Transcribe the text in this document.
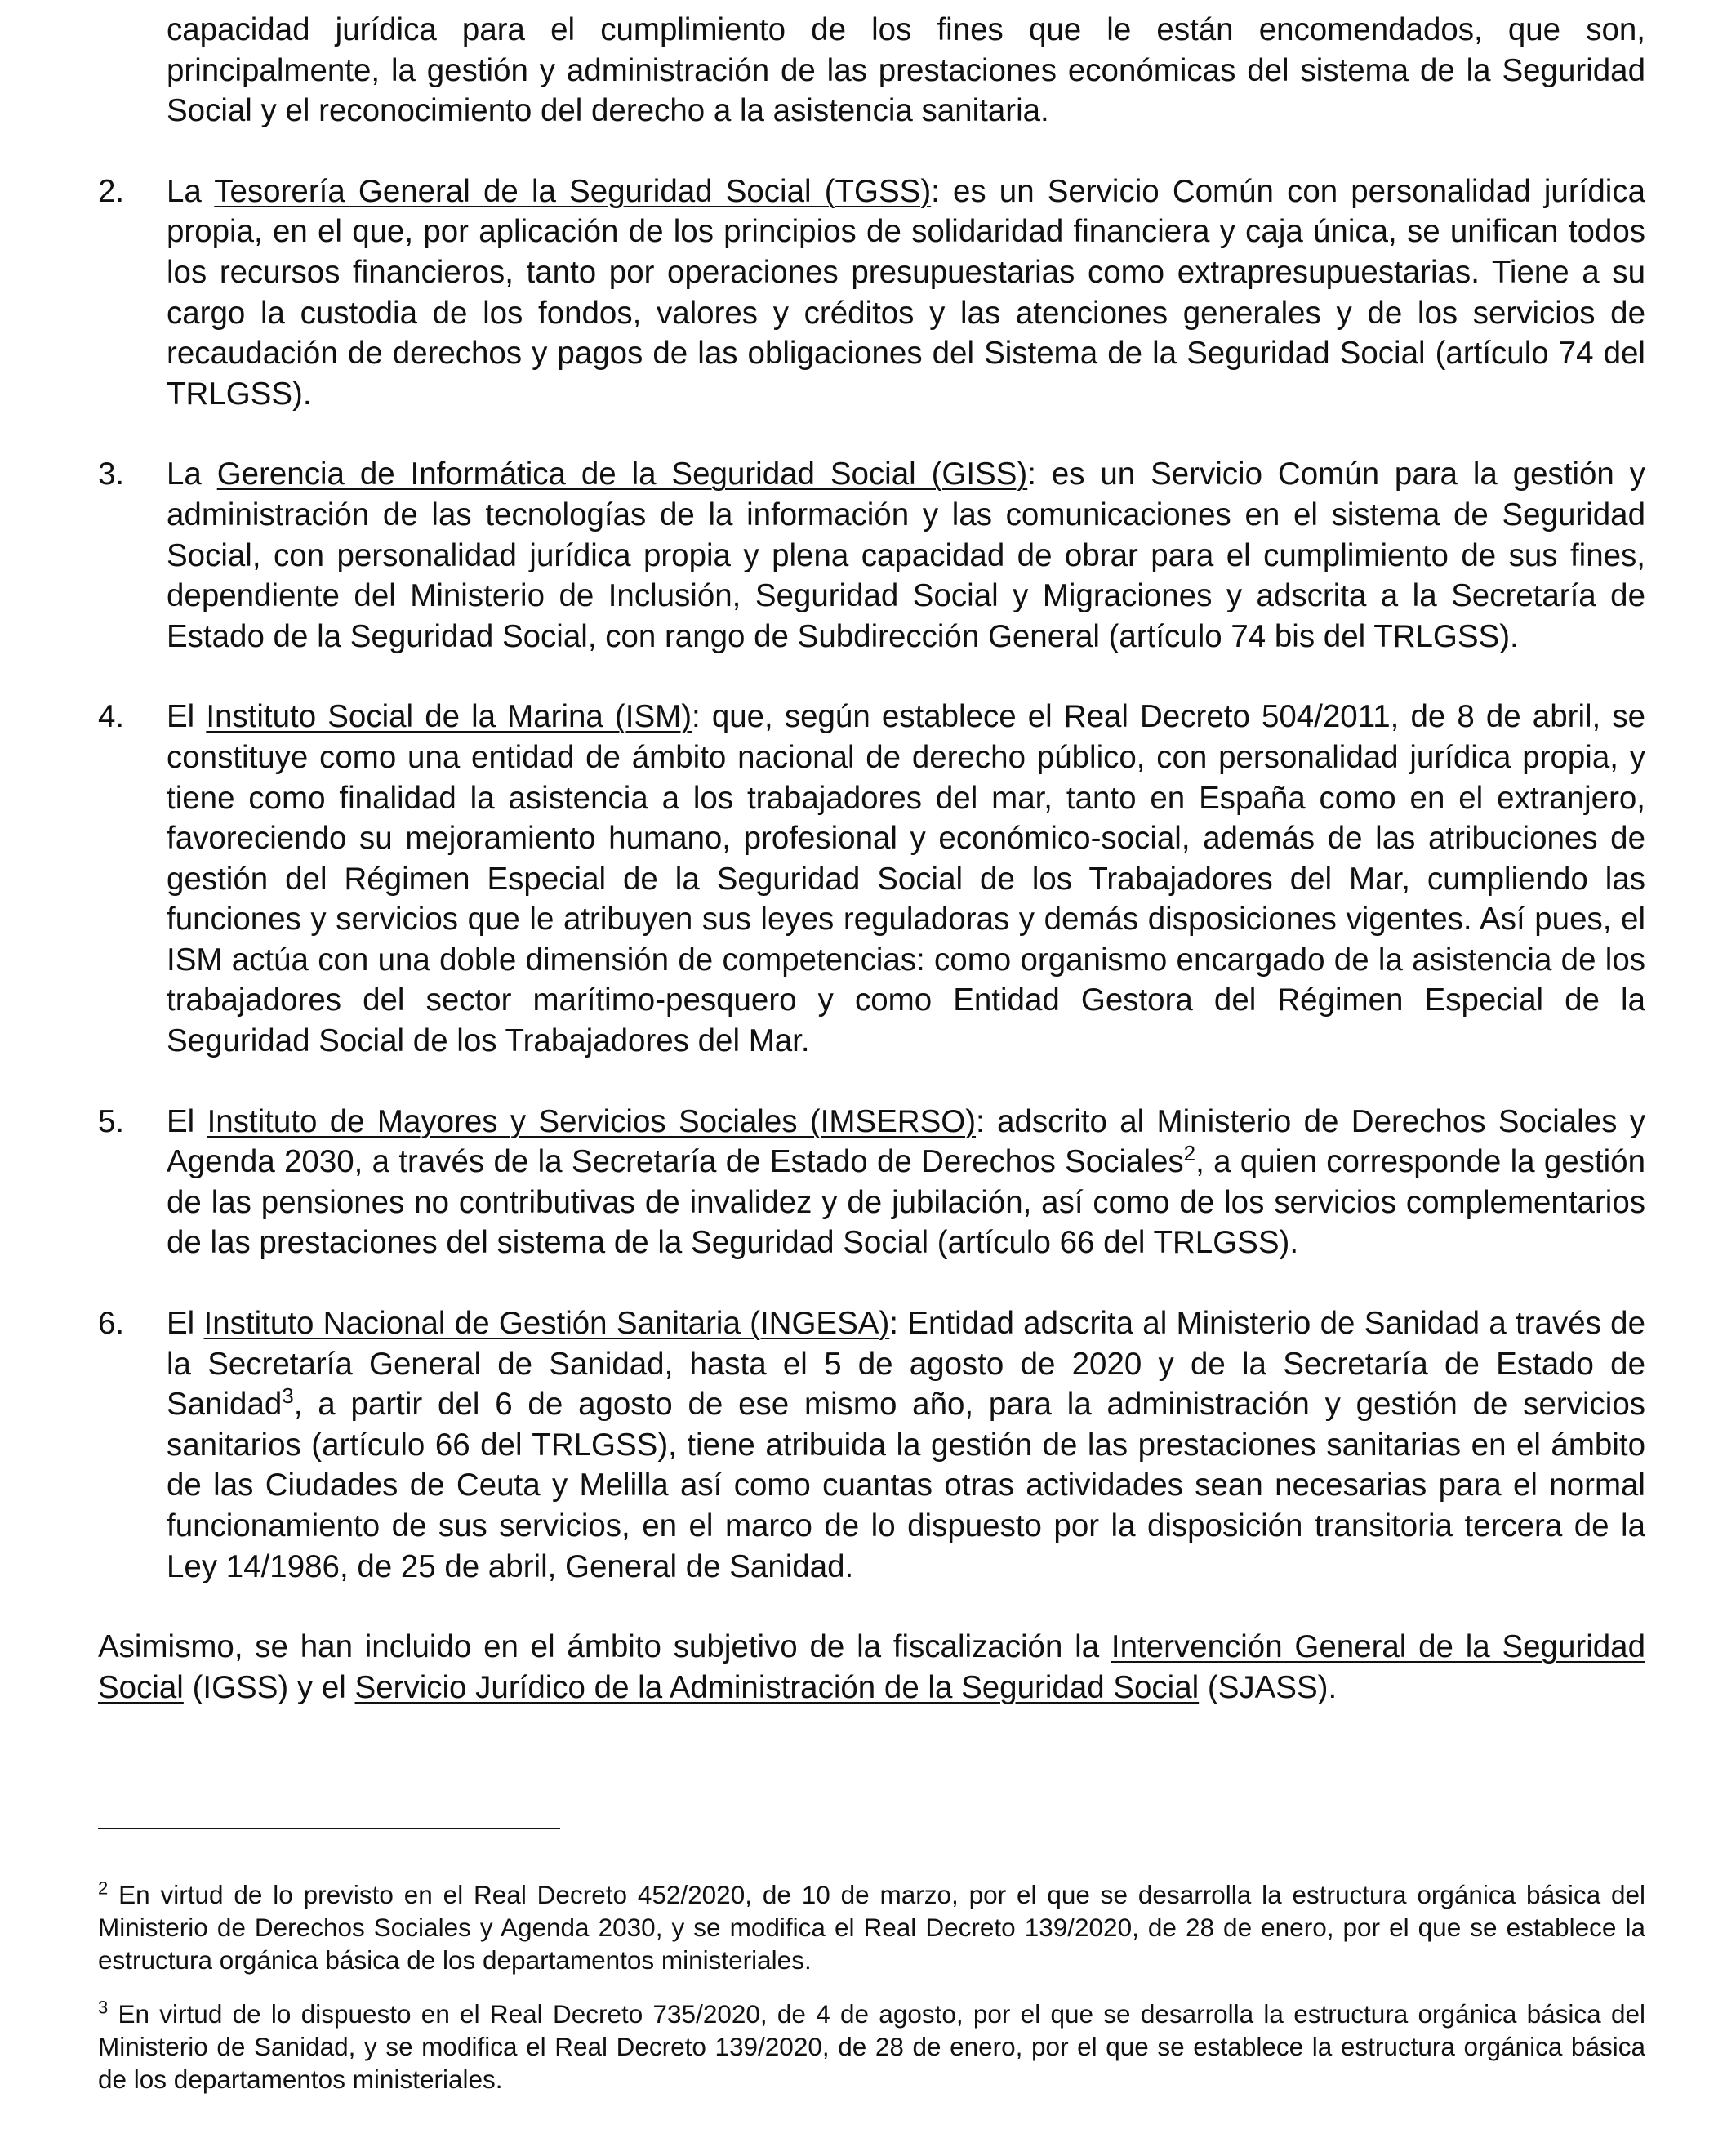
capacidad jurídica para el cumplimiento de los fines que le están encomendados, que son, principalmente, la gestión y administración de las prestaciones económicas del sistema de la Seguridad Social y el reconocimiento del derecho a la asistencia sanitaria.

2. La Tesorería General de la Seguridad Social (TGSS): es un Servicio Común con personalidad jurídica propia, en el que, por aplicación de los principios de solidaridad financiera y caja única, se unifican todos los recursos financieros, tanto por operaciones presupuestarias como extrapresupuestarias. Tiene a su cargo la custodia de los fondos, valores y créditos y las atenciones generales y de los servicios de recaudación de derechos y pagos de las obligaciones del Sistema de la Seguridad Social (artículo 74 del TRLGSS).
3. La Gerencia de Informática de la Seguridad Social (GISS): es un Servicio Común para la gestión y administración de las tecnologías de la información y las comunicaciones en el sistema de Seguridad Social, con personalidad jurídica propia y plena capacidad de obrar para el cumplimiento de sus fines, dependiente del Ministerio de Inclusión, Seguridad Social y Migraciones y adscrita a la Secretaría de Estado de la Seguridad Social, con rango de Subdirección General (artículo 74 bis del TRLGSS).
4. El Instituto Social de la Marina (ISM): que, según establece el Real Decreto 504/2011, de 8 de abril, se constituye como una entidad de ámbito nacional de derecho público, con personalidad jurídica propia, y tiene como finalidad la asistencia a los trabajadores del mar, tanto en España como en el extranjero, favoreciendo su mejoramiento humano, profesional y económico-social, además de las atribuciones de gestión del Régimen Especial de la Seguridad Social de los Trabajadores del Mar, cumpliendo las funciones y servicios que le atribuyen sus leyes reguladoras y demás disposiciones vigentes. Así pues, el ISM actúa con una doble dimensión de competencias: como organismo encargado de la asistencia de los trabajadores del sector marítimo-pesquero y como Entidad Gestora del Régimen Especial de la Seguridad Social de los Trabajadores del Mar.
5. El Instituto de Mayores y Servicios Sociales (IMSERSO): adscrito al Ministerio de Derechos Sociales y Agenda 2030, a través de la Secretaría de Estado de Derechos Sociales$^2$, a quien corresponde la gestión de las pensiones no contributivas de invalidez y de jubilación, así como de los servicios complementarios de las prestaciones del sistema de la Seguridad Social (artículo 66 del TRLGSS).
6. El Instituto Nacional de Gestión Sanitaria (INGESA): Entidad adscrita al Ministerio de Sanidad a través de la Secretaría General de Sanidad, hasta el 5 de agosto de 2020 y de la Secretaría de Estado de Sanidad$^3$, a partir del 6 de agosto de ese mismo año, para la administración y gestión de servicios sanitarios (artículo 66 del TRLGSS), tiene atribuida la gestión de las prestaciones sanitarias en el ámbito de las Ciudades de Ceuta y Melilla así como cuantas otras actividades sean necesarias para el normal funcionamiento de sus servicios, en el marco de lo dispuesto por la disposición transitoria tercera de la Ley 14/1986, de 25 de abril, General de Sanidad.

Asimismo, se han incluido en el ámbito subjetivo de la fiscalización la Intervención General de la Seguridad Social (IGSS) y el Servicio Jurídico de la Administración de la Seguridad Social (SJASS).

$^2$ En virtud de lo previsto en el Real Decreto 452/2020, de 10 de marzo, por el que se desarrolla la estructura orgánica básica del Ministerio de Derechos Sociales y Agenda 2030, y se modifica el Real Decreto 139/2020, de 28 de enero, por el que se establece la estructura orgánica básica de los departamentos ministeriales.

$^3$ En virtud de lo dispuesto en el Real Decreto 735/2020, de 4 de agosto, por el que se desarrolla la estructura orgánica básica del Ministerio de Sanidad, y se modifica el Real Decreto 139/2020, de 28 de enero, por el que se establece la estructura orgánica básica de los departamentos ministeriales.
